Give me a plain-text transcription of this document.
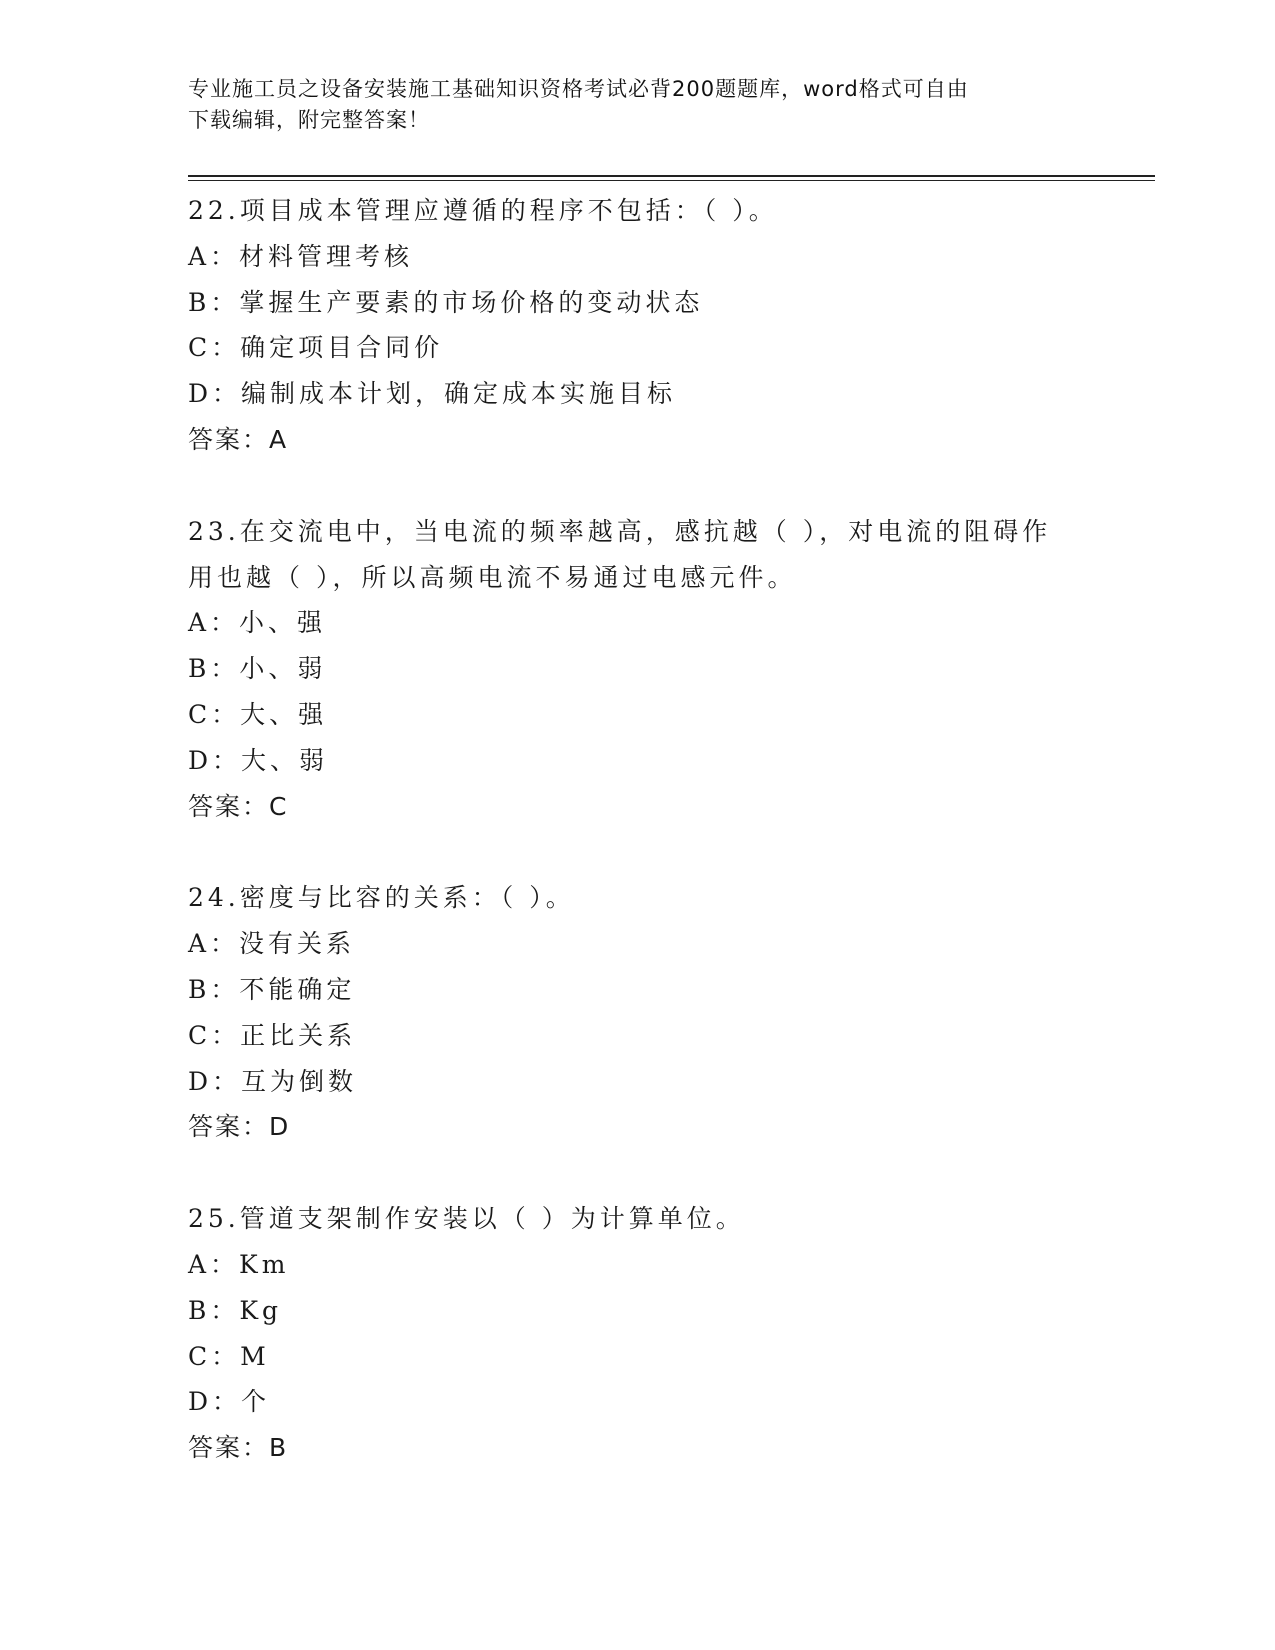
专业施工员之设备安装施工基础知识资格考试必背200题题库，word格式可自由
下载编辑，附完整答案！
22.项目成本管理应遵循的程序不包括：（ ）。
A：材料管理考核
B：掌握生产要素的市场价格的变动状态
C：确定项目合同价
D：编制成本计划，确定成本实施目标
答案：A
23.在交流电中，当电流的频率越高，感抗越（ ），对电流的阻碍作
用也越（ ），所以高频电流不易通过电感元件。
A：小、强
B：小、弱
C：大、强
D：大、弱
答案：C
24.密度与比容的关系：（ ）。
A：没有关系
B：不能确定
C：正比关系
D：互为倒数
答案：D
25.管道支架制作安装以（ ）为计算单位。
A：Km
B：Kg
C：M
D：个
答案：B
